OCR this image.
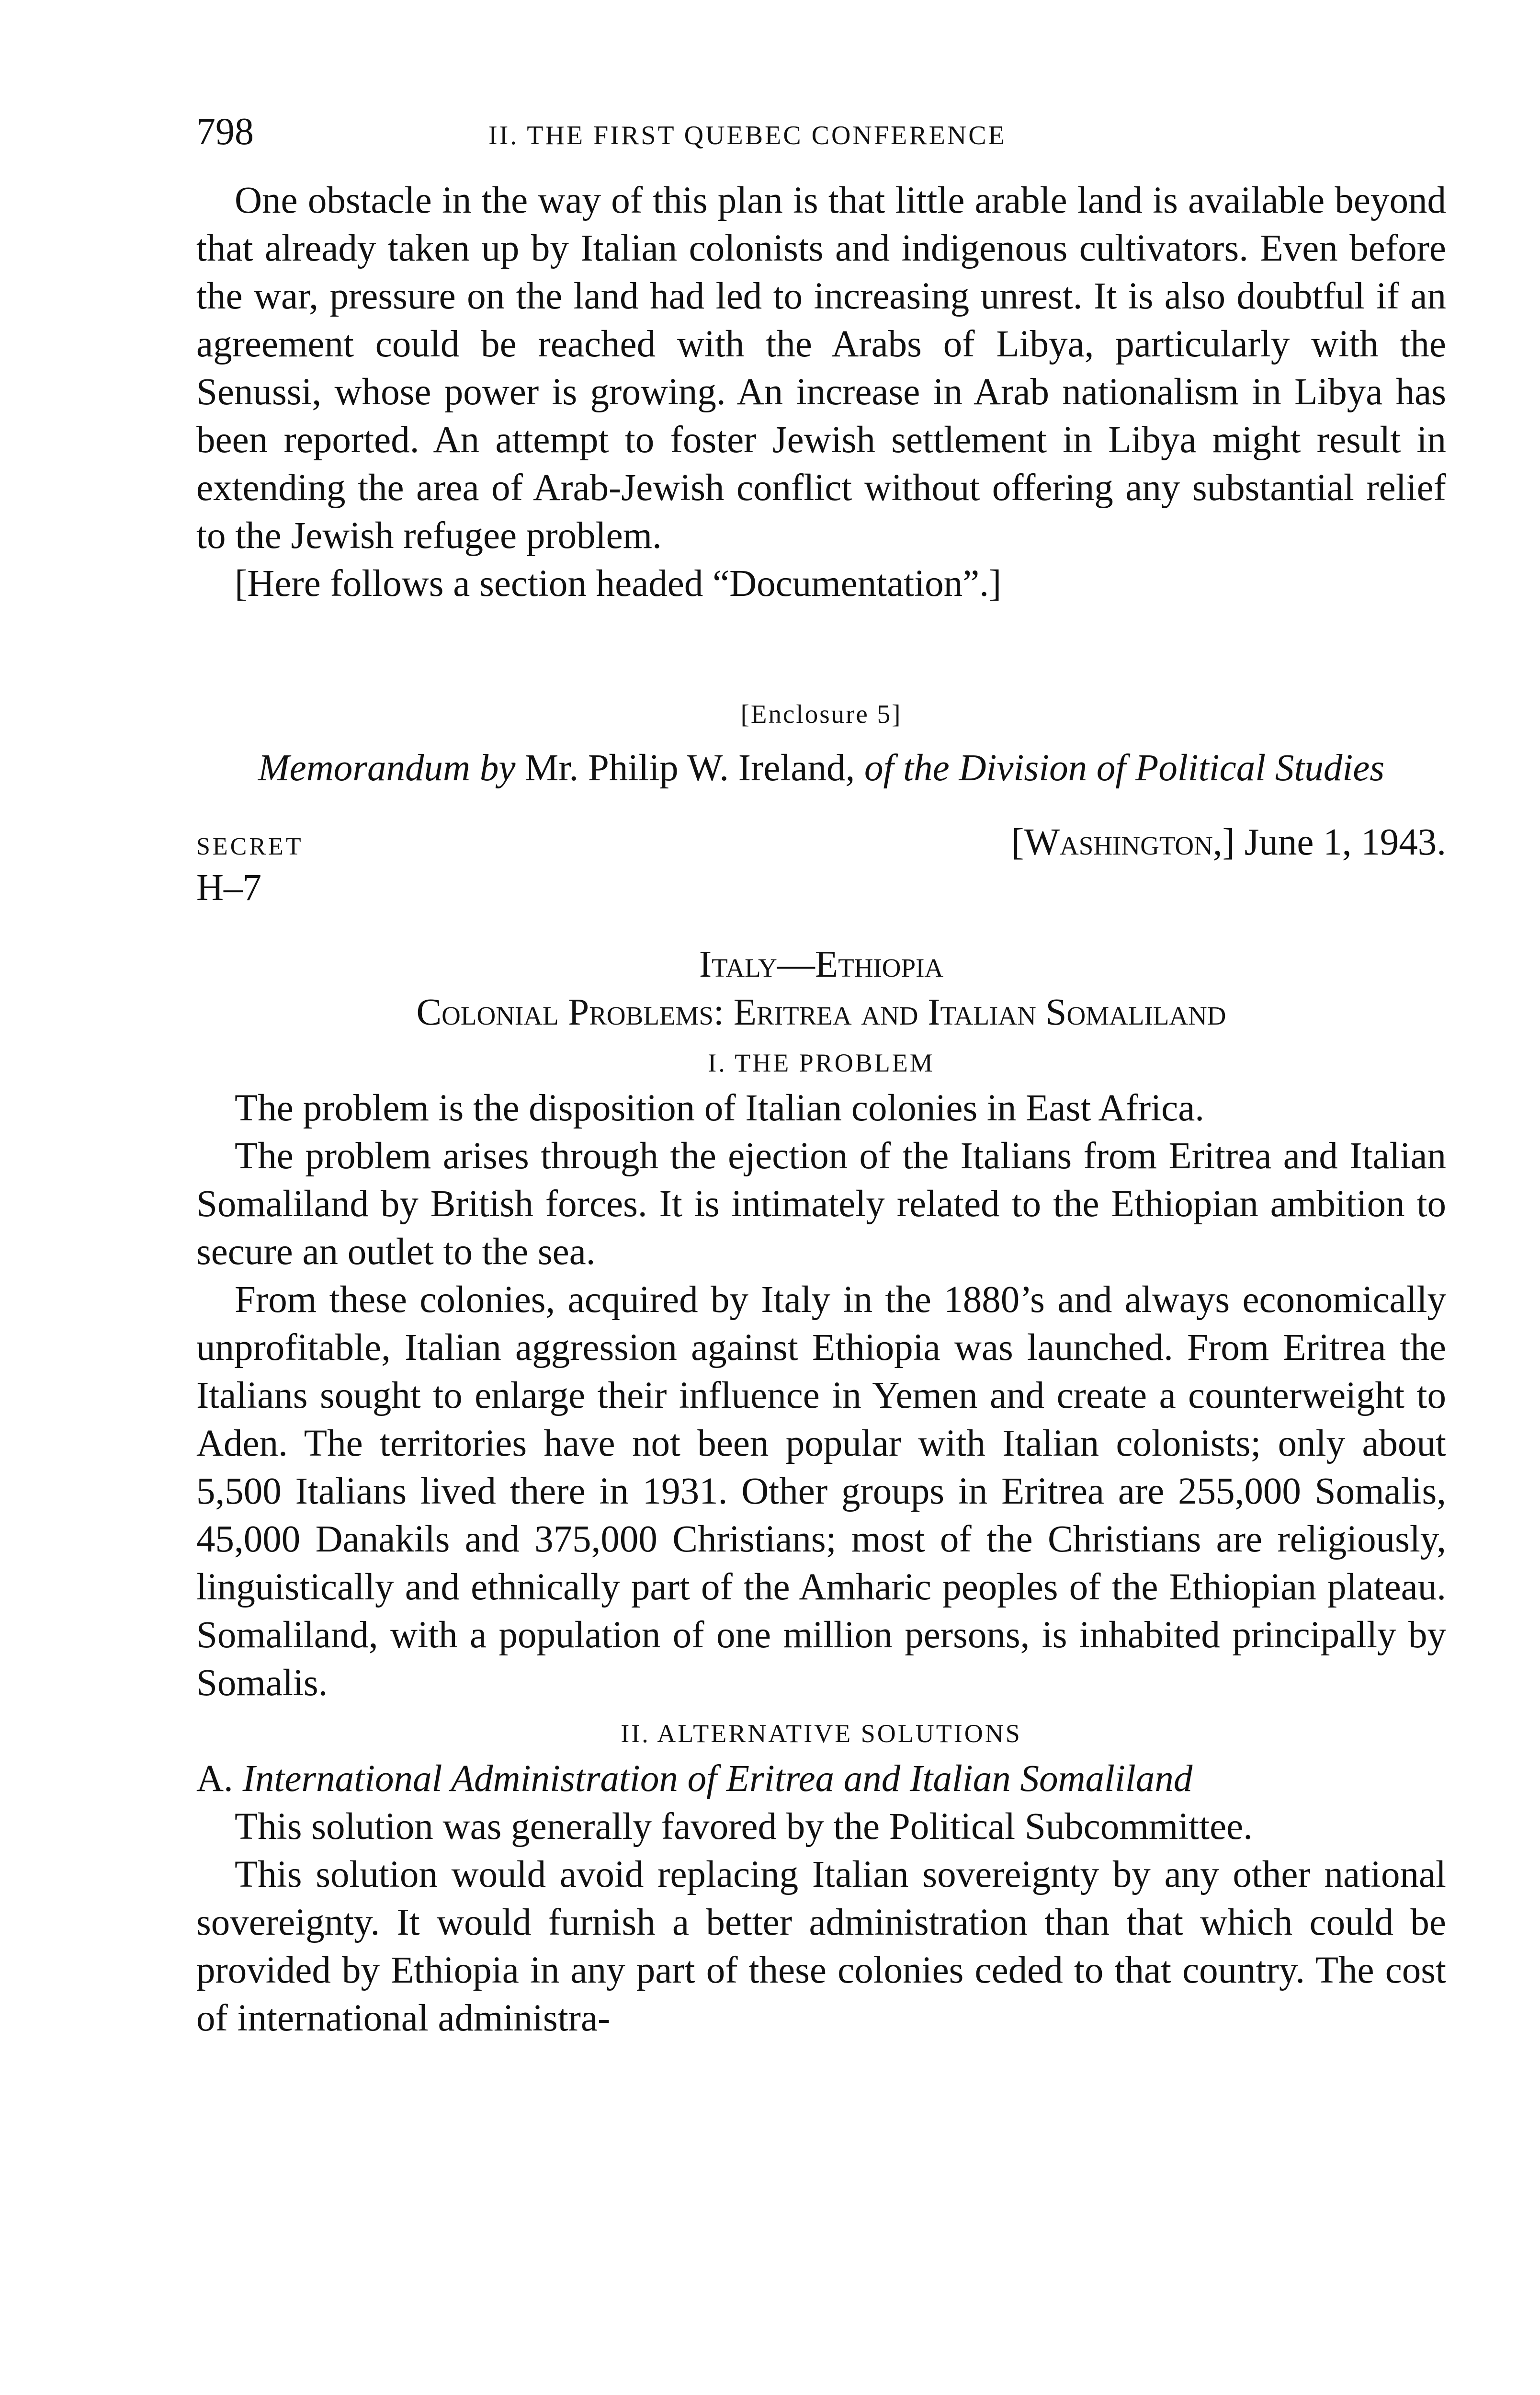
798	II. THE FIRST QUEBEC CONFERENCE

One obstacle in the way of this plan is that little arable land is available beyond that already taken up by Italian colonists and indigenous cultivators. Even before the war, pressure on the land had led to increasing unrest. It is also doubtful if an agreement could be reached with the Arabs of Libya, particularly with the Senussi, whose power is growing. An increase in Arab nationalism in Libya has been reported. An attempt to foster Jewish settlement in Libya might result in extending the area of Arab-Jewish conflict without offering any substantial relief to the Jewish refugee problem.

[Here follows a section headed “Documentation”.]

[Enclosure 5]
Memorandum by Mr. Philip W. Ireland, of the Division of Political Studies
SECRET	[Washington,] June 1, 1943.
H–7
Italy—Ethiopia
Colonial Problems: Eritrea and Italian Somaliland
I. THE PROBLEM

The problem is the disposition of Italian colonies in East Africa.

The problem arises through the ejection of the Italians from Eritrea and Italian Somaliland by British forces. It is intimately related to the Ethiopian ambition to secure an outlet to the sea.

From these colonies, acquired by Italy in the 1880’s and always economically unprofitable, Italian aggression against Ethiopia was launched. From Eritrea the Italians sought to enlarge their influence in Yemen and create a counterweight to Aden. The territories have not been popular with Italian colonists; only about 5,500 Italians lived there in 1931. Other groups in Eritrea are 255,000 Somalis, 45,000 Danakils and 375,000 Christians; most of the Christians are religiously, linguistically and ethnically part of the Amharic peoples of the Ethiopian plateau. Somaliland, with a population of one million persons, is inhabited principally by Somalis.

II. ALTERNATIVE SOLUTIONS
A. International Administration of Eritrea and Italian Somaliland

This solution was generally favored by the Political Subcommittee.

This solution would avoid replacing Italian sovereignty by any other national sovereignty. It would furnish a better administration than that which could be provided by Ethiopia in any part of these colonies ceded to that country. The cost of international administra-
